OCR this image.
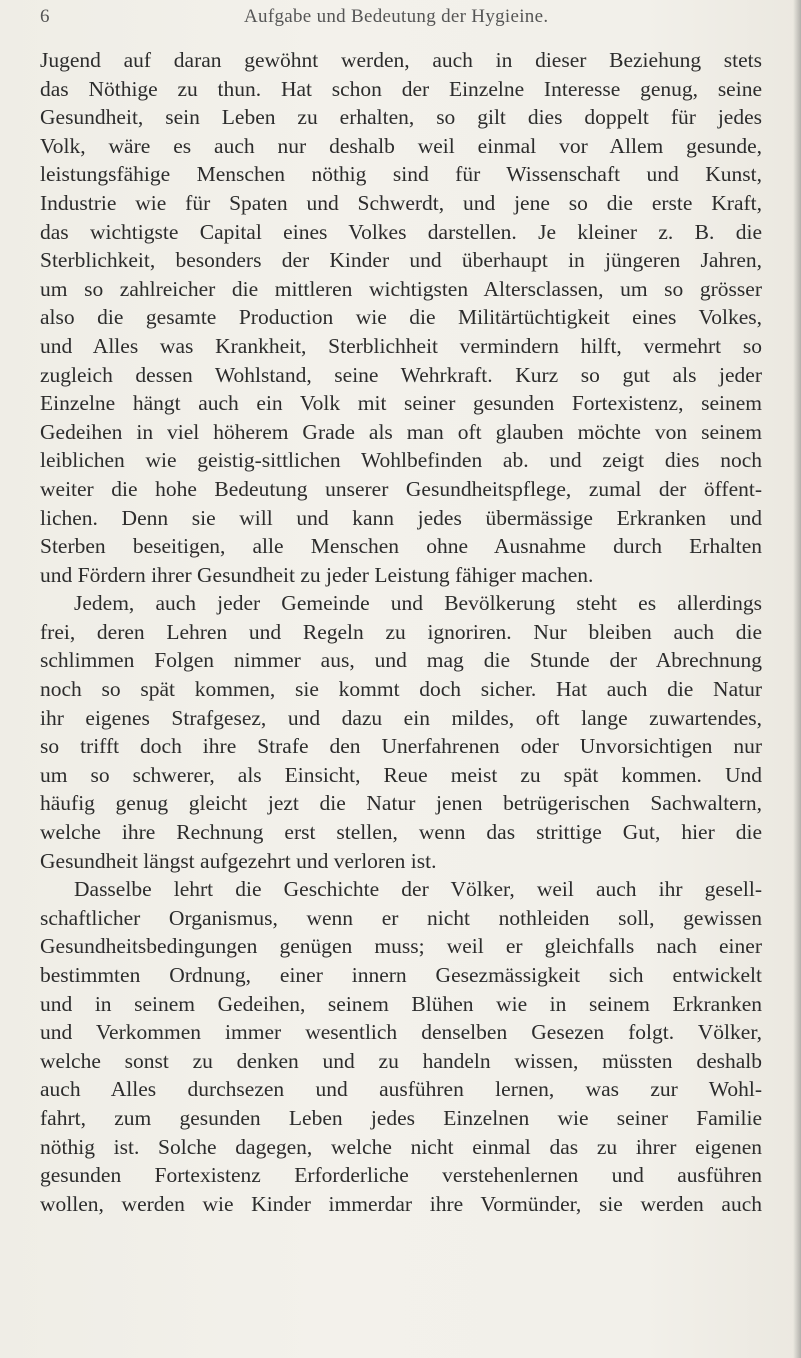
6	Aufgabe und Bedeutung der Hygieine.
Jugend auf daran gewöhnt werden, auch in dieser Beziehung stets
das Nöthige zu thun. Hat schon der Einzelne Interesse genug, seine
Gesundheit, sein Leben zu erhalten, so gilt dies doppelt für jedes
Volk, wäre es auch nur deshalb weil einmal vor Allem gesunde,
leistungsfähige Menschen nöthig sind für Wissenschaft und Kunst,
Industrie wie für Spaten und Schwerdt, und jene so die erste Kraft,
das wichtigste Capital eines Volkes darstellen. Je kleiner z. B. die
Sterblichkeit, besonders der Kinder und überhaupt in jüngeren Jahren,
um so zahlreicher die mittleren wichtigsten Altersclassen, um so grösser
also die gesamte Production wie die Militärtüchtigkeit eines Volkes,
und Alles was Krankheit, Sterblichheit vermindern hilft, vermehrt so
zugleich dessen Wohlstand, seine Wehrkraft. Kurz so gut als jeder
Einzelne hängt auch ein Volk mit seiner gesunden Fortexistenz, seinem
Gedeihen in viel höherem Grade als man oft glauben möchte von seinem
leiblichen wie geistig-sittlichen Wohlbefinden ab. und zeigt dies noch
weiter die hohe Bedeutung unserer Gesundheitspflege, zumal der öffent-
lichen. Denn sie will und kann jedes übermässige Erkranken und
Sterben beseitigen, alle Menschen ohne Ausnahme durch Erhalten
und Fördern ihrer Gesundheit zu jeder Leistung fähiger machen.
Jedem, auch jeder Gemeinde und Bevölkerung steht es allerdings
frei, deren Lehren und Regeln zu ignoriren. Nur bleiben auch die
schlimmen Folgen nimmer aus, und mag die Stunde der Abrechnung
noch so spät kommen, sie kommt doch sicher. Hat auch die Natur
ihr eigenes Strafgesez, und dazu ein mildes, oft lange zuwartendes,
so trifft doch ihre Strafe den Unerfahrenen oder Unvorsichtigen nur
um so schwerer, als Einsicht, Reue meist zu spät kommen. Und
häufig genug gleicht jezt die Natur jenen betrügerischen Sachwaltern,
welche ihre Rechnung erst stellen, wenn das strittige Gut, hier die
Gesundheit längst aufgezehrt und verloren ist.
Dasselbe lehrt die Geschichte der Völker, weil auch ihr gesell-
schaftlicher Organismus, wenn er nicht nothleiden soll, gewissen
Gesundheitsbedingungen genügen muss; weil er gleichfalls nach einer
bestimmten Ordnung, einer innern Gesezmässigkeit sich entwickelt
und in seinem Gedeihen, seinem Blühen wie in seinem Erkranken
und Verkommen immer wesentlich denselben Gesezen folgt. Völker,
welche sonst zu denken und zu handeln wissen, müssten deshalb
auch Alles durchsezen und ausführen lernen, was zur Wohl-
fahrt, zum gesunden Leben jedes Einzelnen wie seiner Familie
nöthig ist. Solche dagegen, welche nicht einmal das zu ihrer eigenen
gesunden Fortexistenz Erforderliche verstehenlernen und ausführen
wollen, werden wie Kinder immerdar ihre Vormünder, sie werden auch
